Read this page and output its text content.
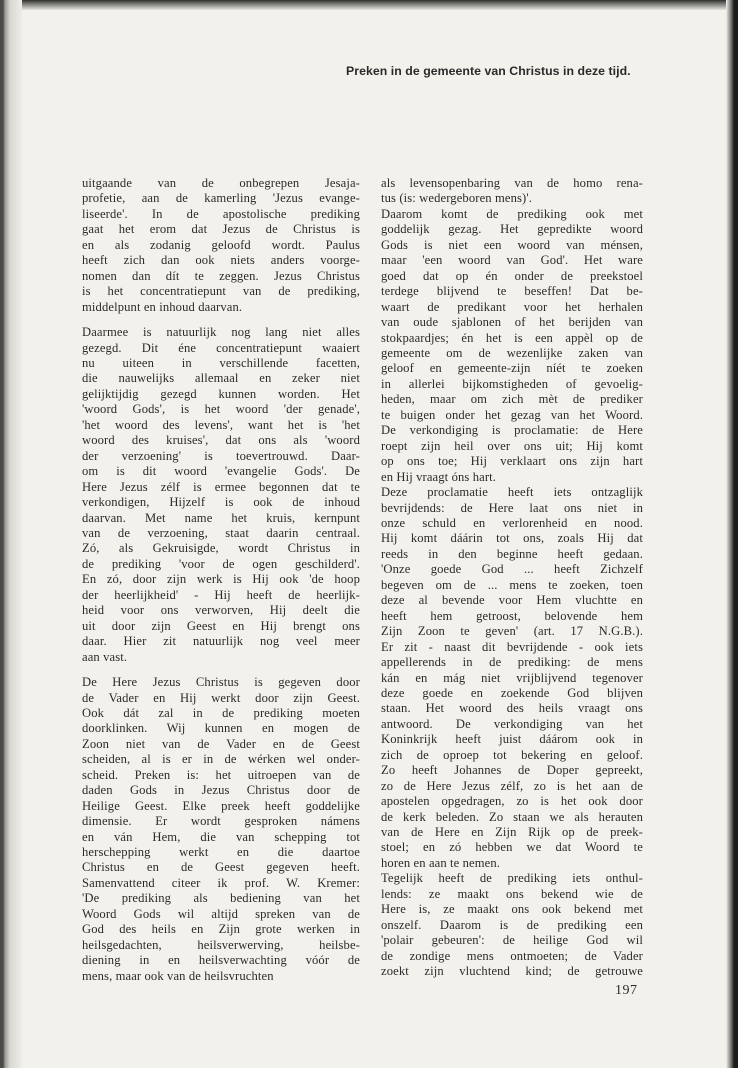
Preken in de gemeente van Christus in deze tijd.

uitgaande van de onbegrepen Jesaja-
profetie, aan de kamerling 'Jezus evange-
liseerde'. In de apostolische prediking
gaat het erom dat Jezus de Christus is
en als zodanig geloofd wordt. Paulus
heeft zich dan ook niets anders voorge-
nomen dan dít te zeggen. Jezus Christus
is het concentratiepunt van de prediking,
middelpunt en inhoud daarvan.

Daarmee is natuurlijk nog lang niet alles
gezegd. Dit éne concentratiepunt waaiert
nu uiteen in verschillende facetten,
die nauwelijks allemaal en zeker niet
gelijktijdig gezegd kunnen worden. Het
'woord Gods', is het woord 'der genade',
'het woord des levens', want het is 'het
woord des kruises', dat ons als 'woord
der verzoening' is toevertrouwd. Daar-
om is dit woord 'evangelie Gods'. De
Here Jezus zélf is ermee begonnen dat te
verkondigen, Hijzelf is ook de inhoud
daarvan. Met name het kruis, kernpunt
van de verzoening, staat daarin centraal.
Zó, als Gekruisigde, wordt Christus in
de prediking 'voor de ogen geschilderd'.
En zó, door zijn werk is Hij ook 'de hoop
der heerlijkheid' - Hij heeft de heerlijk-
heid voor ons verworven, Hij deelt die
uit door zijn Geest en Hij brengt ons
daar. Hier zit natuurlijk nog veel meer
aan vast.

De Here Jezus Christus is gegeven door
de Vader en Hij werkt door zijn Geest.
Ook dát zal in de prediking moeten
doorklinken. Wij kunnen en mogen de
Zoon niet van de Vader en de Geest
scheiden, al is er in de wérken wel onder-
scheid. Preken is: het uitroepen van de
daden Gods in Jezus Christus door de
Heilige Geest. Elke preek heeft goddelijke
dimensie. Er wordt gesproken námens
en ván Hem, die van schepping tot
herschepping werkt en die daartoe
Christus en de Geest gegeven heeft.
Samenvattend citeer ik prof. W. Kremer:
'De prediking als bediening van het
Woord Gods wil altijd spreken van de
God des heils en Zijn grote werken in
heilsgedachten, heilsverwerving, heilsbe-
diening in en heilsverwachting vóór de
mens, maar ook van de heilsvruchten

als levensopenbaring van de homo rena-
tus (is: wedergeboren mens)'.
Daarom komt de prediking ook met
goddelijk gezag. Het gepredikte woord
Gods is niet een woord van ménsen,
maar 'een woord van God'. Het ware
goed dat op én onder de preekstoel
terdege blijvend te beseffen! Dat be-
waart de predikant voor het herhalen
van oude sjablonen of het berijden van
stokpaardjes; én het is een appèl op de
gemeente om de wezenlijke zaken van
geloof en gemeente-zijn níét te zoeken
in allerlei bijkomstigheden of gevoelig-
heden, maar om zich mèt de prediker
te buigen onder het gezag van het Woord.
De verkondiging is proclamatie: de Here
roept zijn heil over ons uit; Hij komt
op ons toe; Hij verklaart ons zijn hart
en Hij vraagt óns hart.
Deze proclamatie heeft iets ontzaglijk
bevrijdends: de Here laat ons niet in
onze schuld en verlorenheid en nood.
Hij komt dáárin tot ons, zoals Hij dat
reeds in den beginne heeft gedaan.
'Onze goede God ... heeft Zichzelf
begeven om de ... mens te zoeken, toen
deze al bevende voor Hem vluchtte en
heeft hem getroost, belovende hem
Zijn Zoon te geven' (art. 17 N.G.B.).
Er zit - naast dit bevrijdende - ook iets
appellerends in de prediking: de mens
kán en mág niet vrijblijvend tegenover
deze goede en zoekende God blijven
staan. Het woord des heils vraagt ons
antwoord. De verkondiging van het
Koninkrijk heeft juist dáárom ook in
zich de oproep tot bekering en geloof.
Zo heeft Johannes de Doper gepreekt,
zo de Here Jezus zélf, zo is het aan de
apostelen opgedragen, zo is het ook door
de kerk beleden. Zo staan we als herauten
van de Here en Zijn Rijk op de preek-
stoel; en zó hebben we dat Woord te
horen en aan te nemen.
Tegelijk heeft de prediking iets onthul-
lends: ze maakt ons bekend wie de
Here is, ze maakt ons ook bekend met
onszelf. Daarom is de prediking een
'polair gebeuren': de heilige God wil
de zondige mens ontmoeten; de Vader
zoekt zijn vluchtend kind; de getrouwe

197
